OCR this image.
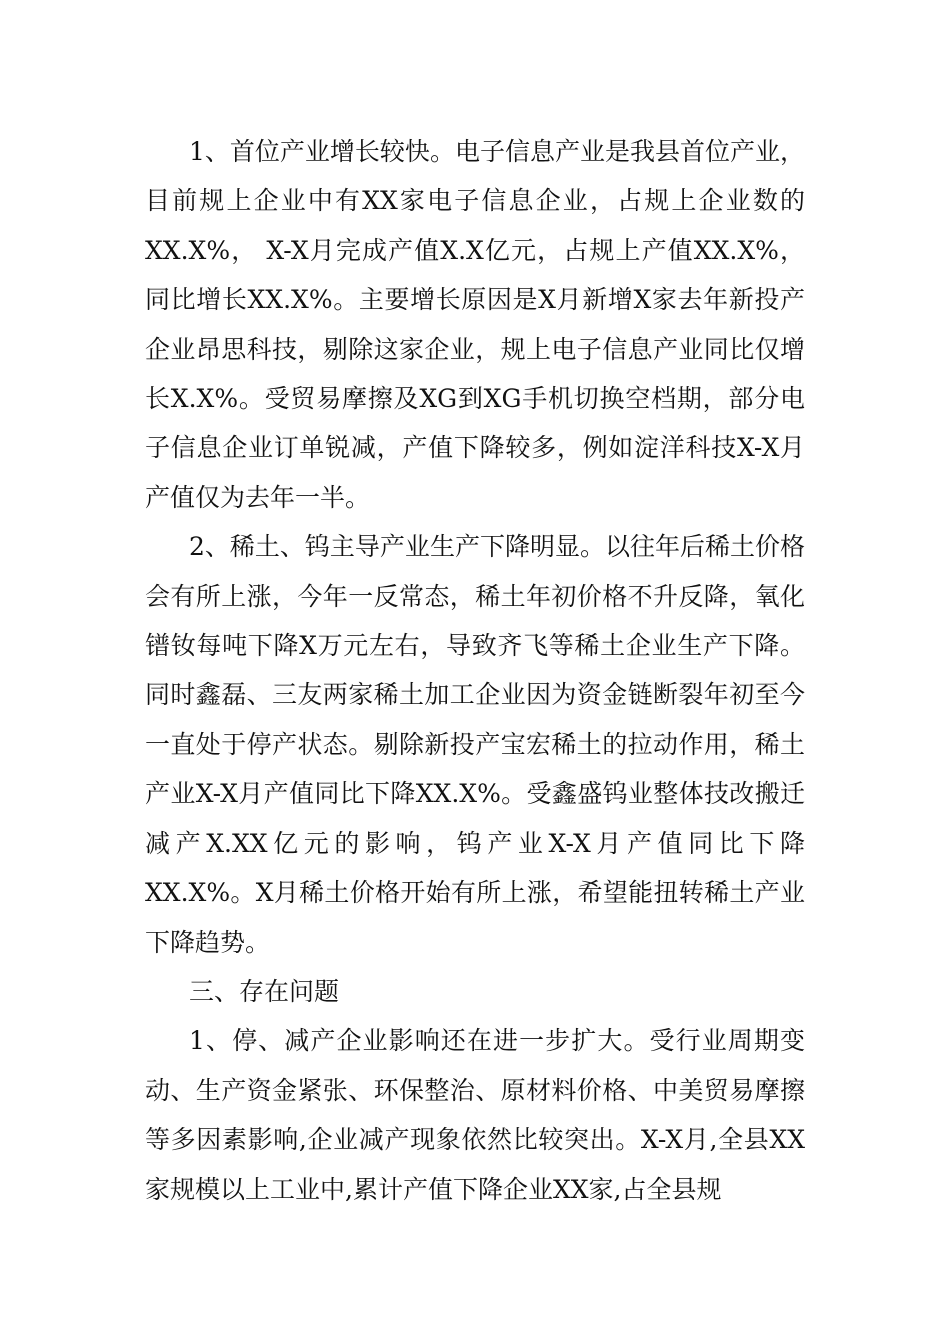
1、首位产业增长较快。电子信息产业是我县首位产业，目前规上企业中有XX家电子信息企业，占规上企业数的XX.X%， X-X月完成产值X.X亿元，占规上产值XX.X%，同比增长XX.X%。主要增长原因是X月新增X家去年新投产企业昂思科技，剔除这家企业，规上电子信息产业同比仅增长X.X%。受贸易摩擦及XG到XG手机切换空档期，部分电子信息企业订单锐减，产值下降较多，例如淀洋科技X-X月产值仅为去年一半。

2、稀土、钨主导产业生产下降明显。以往年后稀土价格会有所上涨，今年一反常态，稀土年初价格不升反降，氧化镨钕每吨下降X万元左右，导致齐飞等稀土企业生产下降。同时鑫磊、三友两家稀土加工企业因为资金链断裂年初至今一直处于停产状态。剔除新投产宝宏稀土的拉动作用，稀土产业X-X月产值同比下降XX.X%。受鑫盛钨业整体技改搬迁减产X.XX亿元的影响，钨产业X-X月产值同比下降XX.X%。X月稀土价格开始有所上涨，希望能扭转稀土产业下降趋势。

三、存在问题

1、停、减产企业影响还在进一步扩大。受行业周期变动、生产资金紧张、环保整治、原材料价格、中美贸易摩擦等多因素影响,企业减产现象依然比较突出。X-X月,全县XX家规模以上工业中,累计产值下降企业XX家,占全县规
